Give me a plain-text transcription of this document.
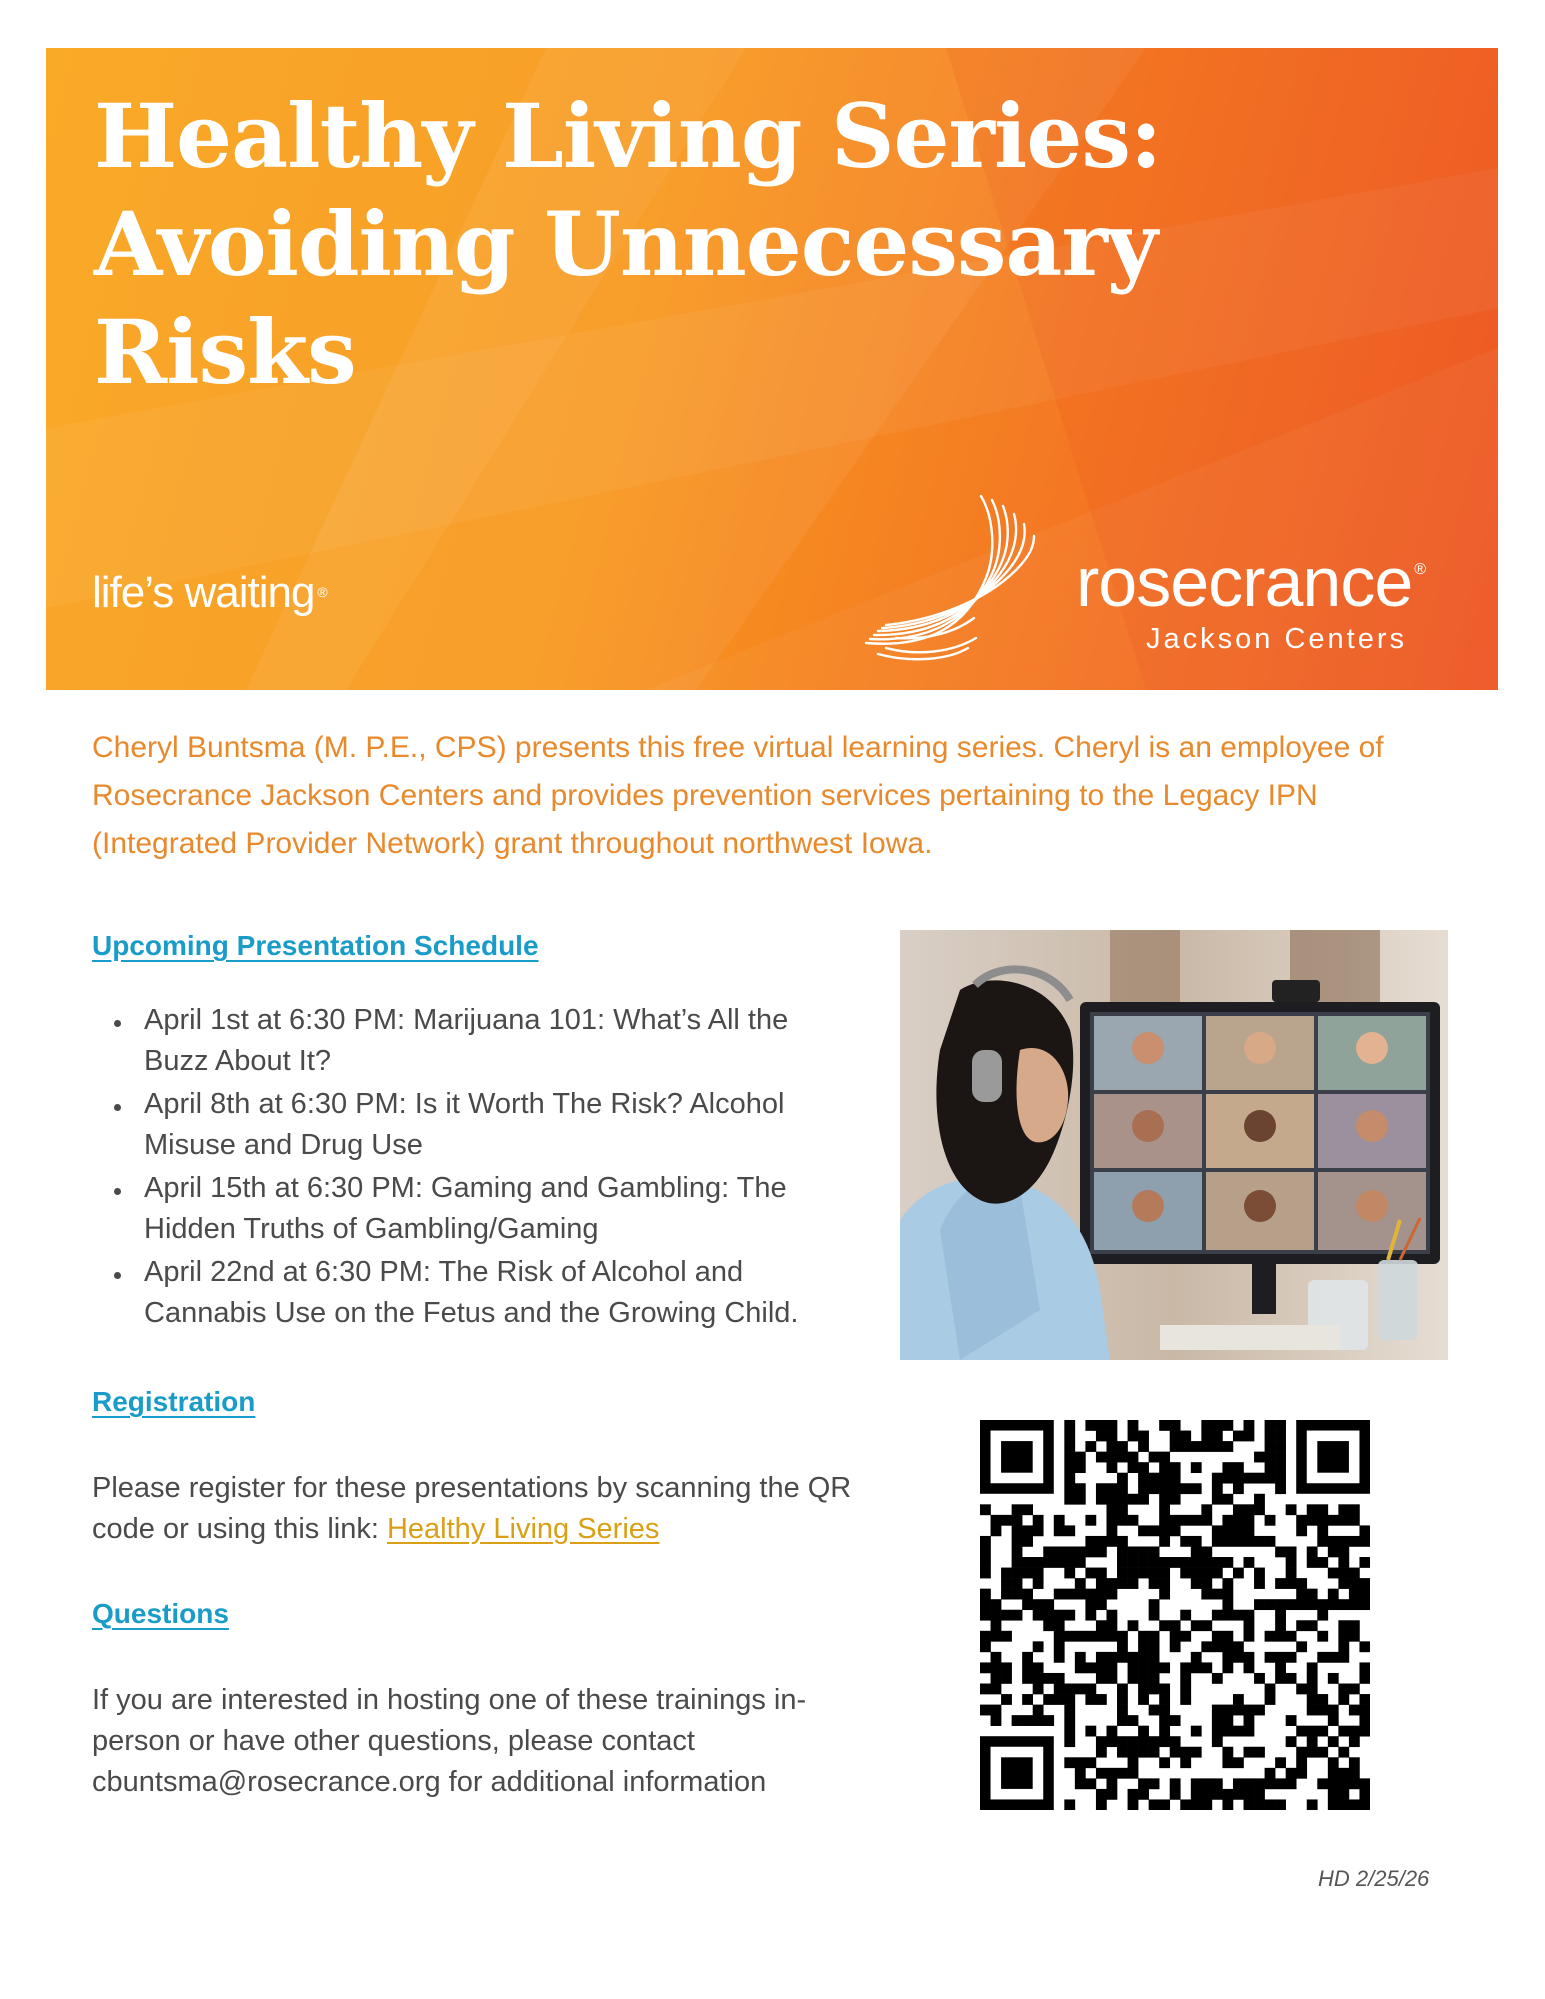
Healthy Living Series:
Avoiding Unnecessary
Risks
life’s waiting ®	rosecrance ®
Jackson Centers
Cheryl Buntsma (M. P.E., CPS) presents this free virtual learning series. Cheryl is an employee of Rosecrance Jackson Centers and provides prevention services pertaining to the Legacy IPN (Integrated Provider Network) grant throughout northwest Iowa.
Upcoming Presentation Schedule
April 1st at 6:30 PM: Marijuana 101: What’s All the Buzz About It?
April 8th at 6:30 PM: Is it Worth The Risk? Alcohol Misuse and Drug Use
April 15th at 6:30 PM: Gaming and Gambling: The Hidden Truths of Gambling/Gaming
April 22nd at 6:30 PM: The Risk of Alcohol and Cannabis Use on the Fetus and the Growing Child.
Registration
Please register for these presentations by scanning the QR code or using this link: Healthy Living Series
Questions
If you are interested in hosting one of these trainings in-person or have other questions, please contact cbuntsma@rosecrance.org for additional information
HD 2/25/26
